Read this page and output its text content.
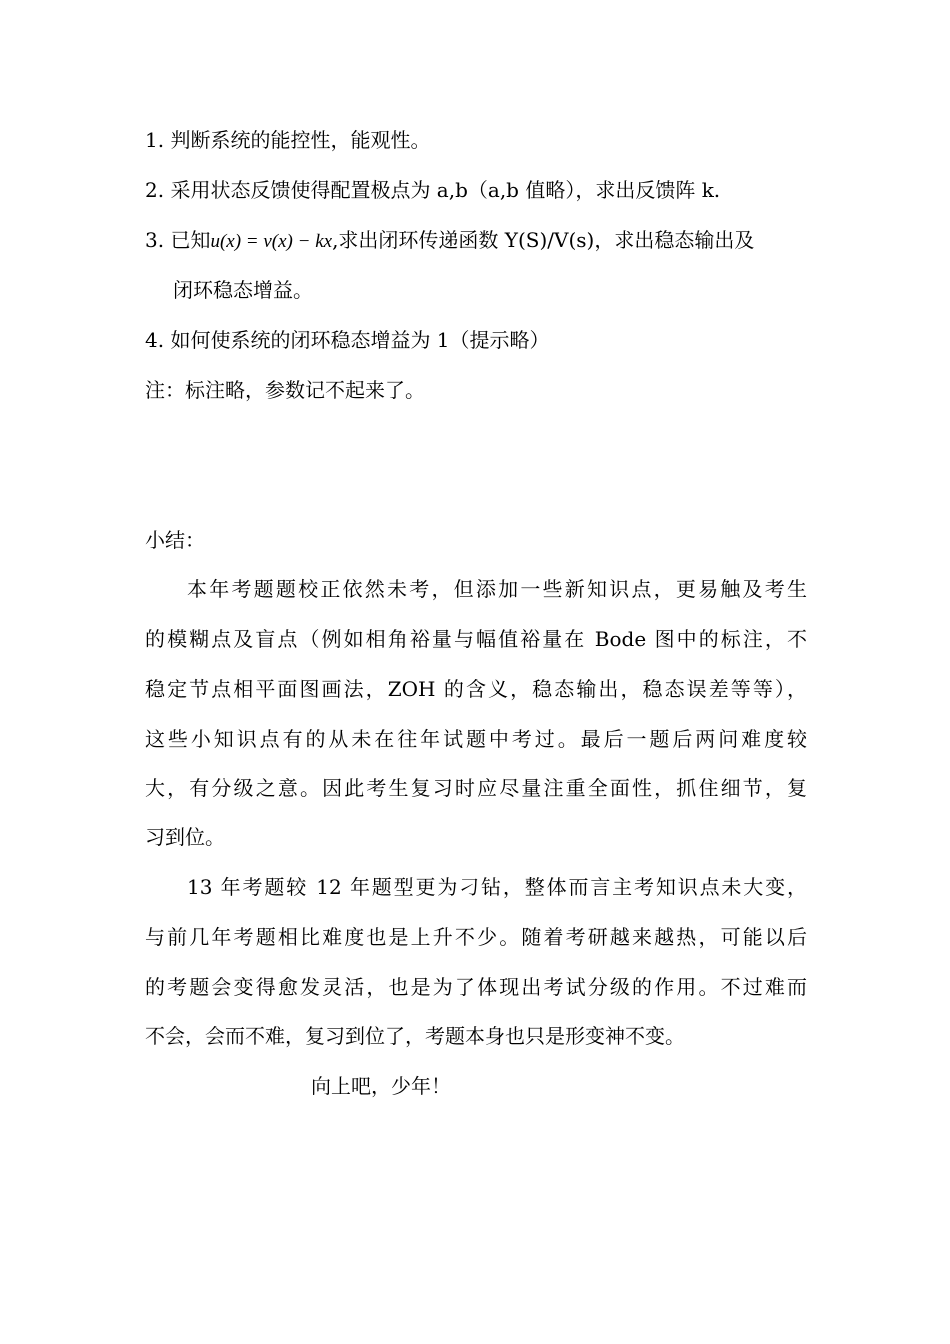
1. 判断系统的能控性，能观性。
2. 采用状态反馈使得配置极点为 a,b（a,b 值略），求出反馈阵 k.
3. 已知u(x) = v(x) − kx,求出闭环传递函数 Y(S)/V(s)，求出稳态输出及
闭环稳态增益。
4. 如何使系统的闭环稳态增益为 1（提示略）
注：标注略，参数记不起来了。
小结：
本年考题题校正依然未考，但添加一些新知识点，更易触及考生
的模糊点及盲点（例如相角裕量与幅值裕量在 Bode 图中的标注，不
稳定节点相平面图画法，ZOH 的含义，稳态输出，稳态误差等等），
这些小知识点有的从未在往年试题中考过。最后一题后两问难度较
大，有分级之意。因此考生复习时应尽量注重全面性，抓住细节，复
习到位。
13 年考题较 12 年题型更为刁钻，整体而言主考知识点未大变，
与前几年考题相比难度也是上升不少。随着考研越来越热，可能以后
的考题会变得愈发灵活，也是为了体现出考试分级的作用。不过难而
不会，会而不难，复习到位了，考题本身也只是形变神不变。
向上吧，少年！
